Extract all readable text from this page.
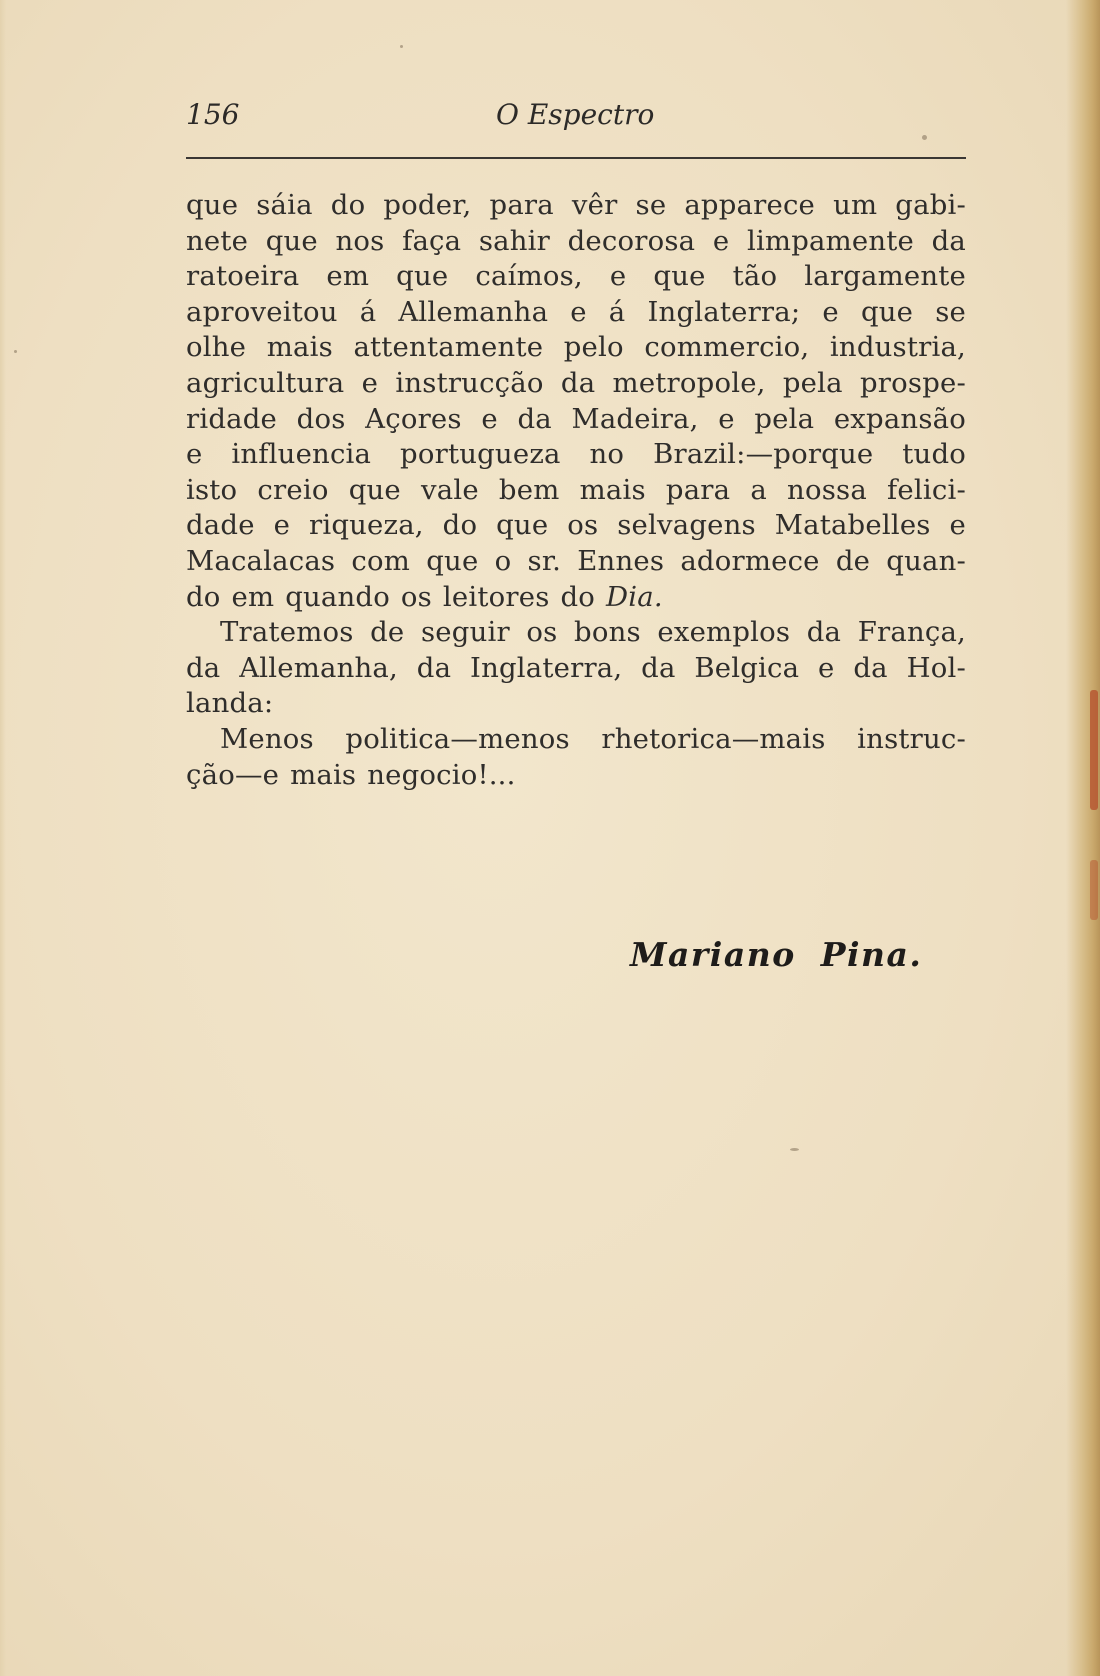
156	O Espectro
que sáia do poder, para vêr se apparece um gabi-
nete que nos faça sahir decorosa e limpamente da
ratoeira em que caímos, e que tão largamente
aproveitou á Allemanha e á Inglaterra; e que se
olhe mais attentamente pelo commercio, industria,
agricultura e instrucção da metropole, pela prospe-
ridade dos Açores e da Madeira, e pela expansão
e influencia portugueza no Brazil:—porque tudo
isto creio que vale bem mais para a nossa felici-
dade e riqueza, do que os selvagens Matabelles e
Macalacas com que o sr. Ennes adormece de quan-
do em quando os leitores do Dia.
Tratemos de seguir os bons exemplos da França,
da Allemanha, da Inglaterra, da Belgica e da Hol-
landa:
Menos politica—menos rhetorica—mais instruc-
ção—e mais negocio!...
Mariano Pina.
